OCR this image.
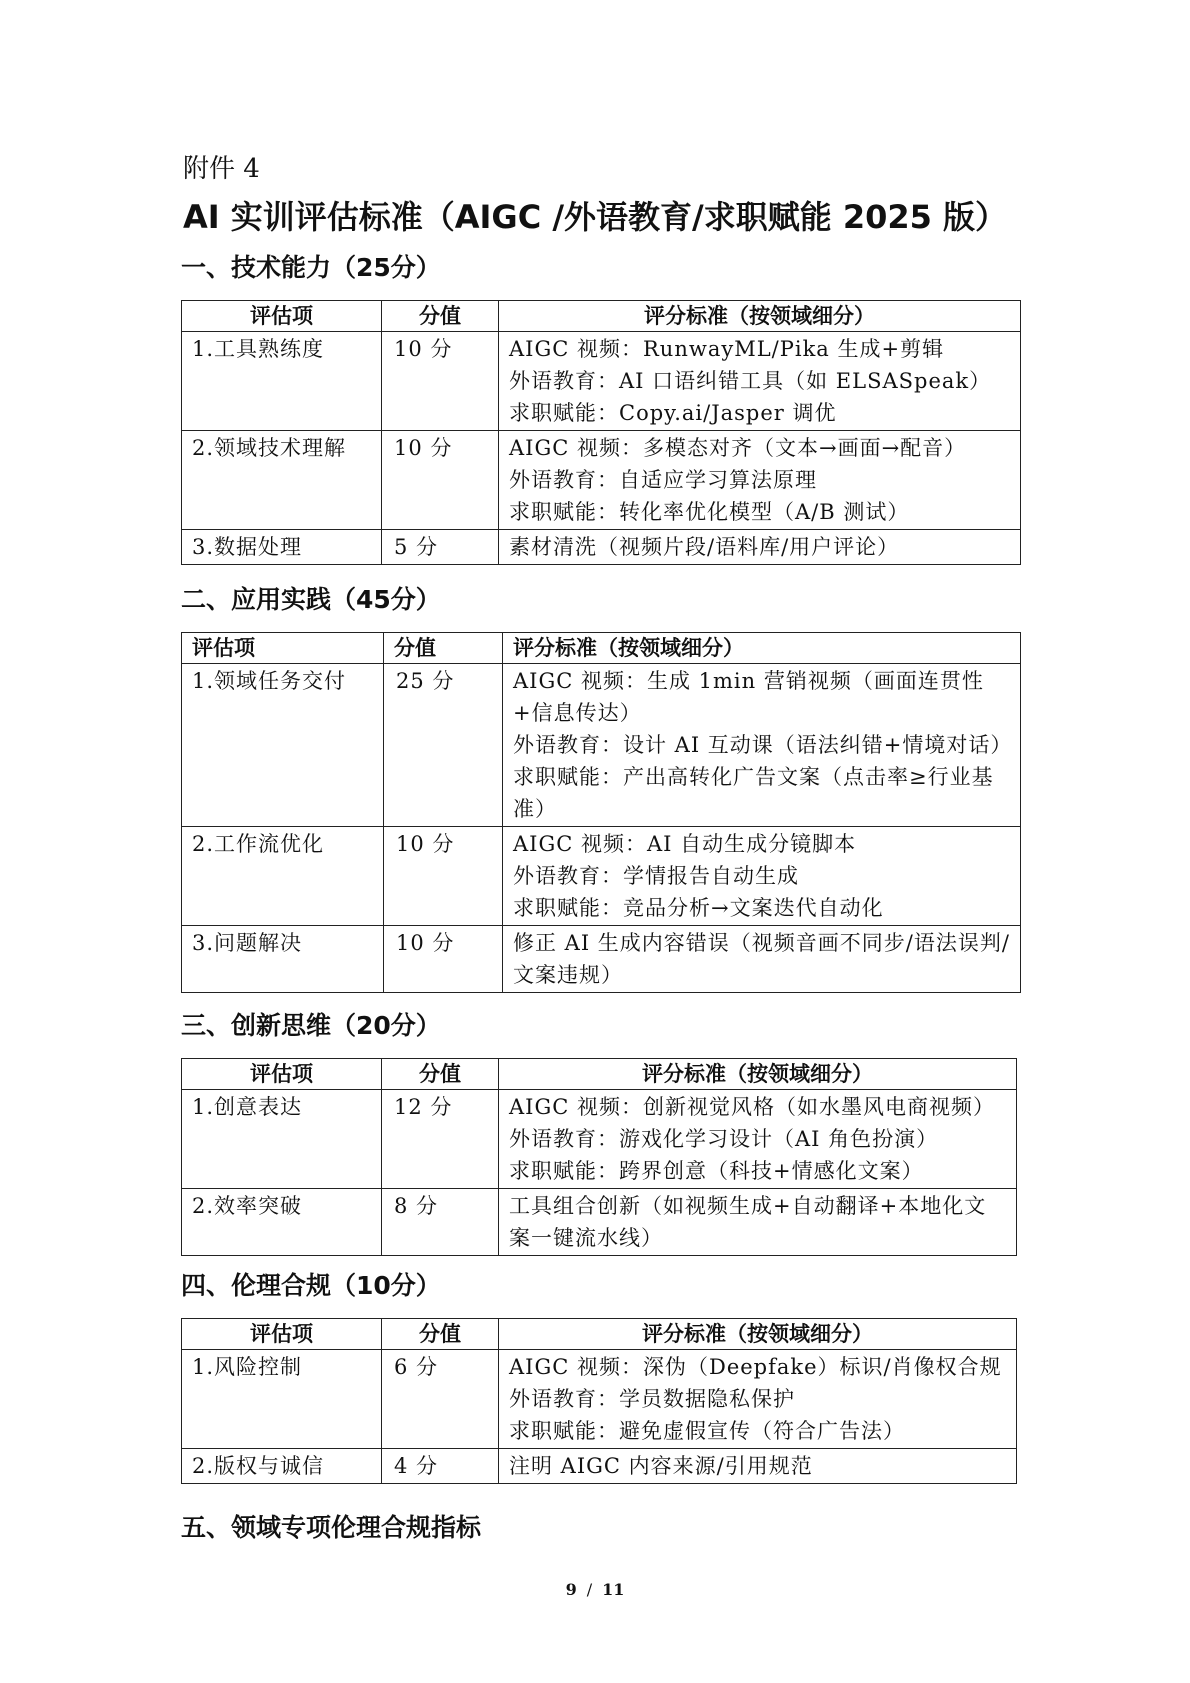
附件 4
AI 实训评估标准（AIGC /外语教育/求职赋能 2025 版）
一、技术能力（25分）
评估项	分值	评分标准（按领域细分）
1.工具熟练度	10 分	AIGC 视频：RunwayML/Pika 生成+剪辑
外语教育：AI 口语纠错工具（如 ELSASpeak）
求职赋能：Copy.ai/Jasper 调优

2.领域技术理解	10 分	AIGC 视频：多模态对齐（文本→画面→配音）
外语教育：自适应学习算法原理
求职赋能：转化率优化模型（A/B 测试）

3.数据处理	5 分	素材清洗（视频片段/语料库/用户评论）
二、应用实践（45分）
评估项	分值	评分标准（按领域细分）
1.领域任务交付	25 分	AIGC 视频：生成 1min 营销视频（画面连贯性+信息传达）
外语教育：设计 AI 互动课（语法纠错+情境对话）
求职赋能：产出高转化广告文案（点击率≥行业基准）

2.工作流优化	10 分	AIGC 视频：AI 自动生成分镜脚本
外语教育：学情报告自动生成
求职赋能：竞品分析→文案迭代自动化

3.问题解决	10 分	修正 AI 生成内容错误（视频音画不同步/语法误判/文案违规）
三、创新思维（20分）
评估项	分值	评分标准（按领域细分）
1.创意表达	12 分	AIGC 视频：创新视觉风格（如水墨风电商视频）
外语教育：游戏化学习设计（AI 角色扮演）
求职赋能：跨界创意（科技+情感化文案）

2.效率突破	8 分	工具组合创新（如视频生成+自动翻译+本地化文案一键流水线）
四、伦理合规（10分）
评估项	分值	评分标准（按领域细分）
1.风险控制	6 分	AIGC 视频：深伪（Deepfake）标识/肖像权合规
外语教育：学员数据隐私保护
求职赋能：避免虚假宣传（符合广告法）

2.版权与诚信	4 分	注明 AIGC 内容来源/引用规范
五、领域专项伦理合规指标
9 / 11
